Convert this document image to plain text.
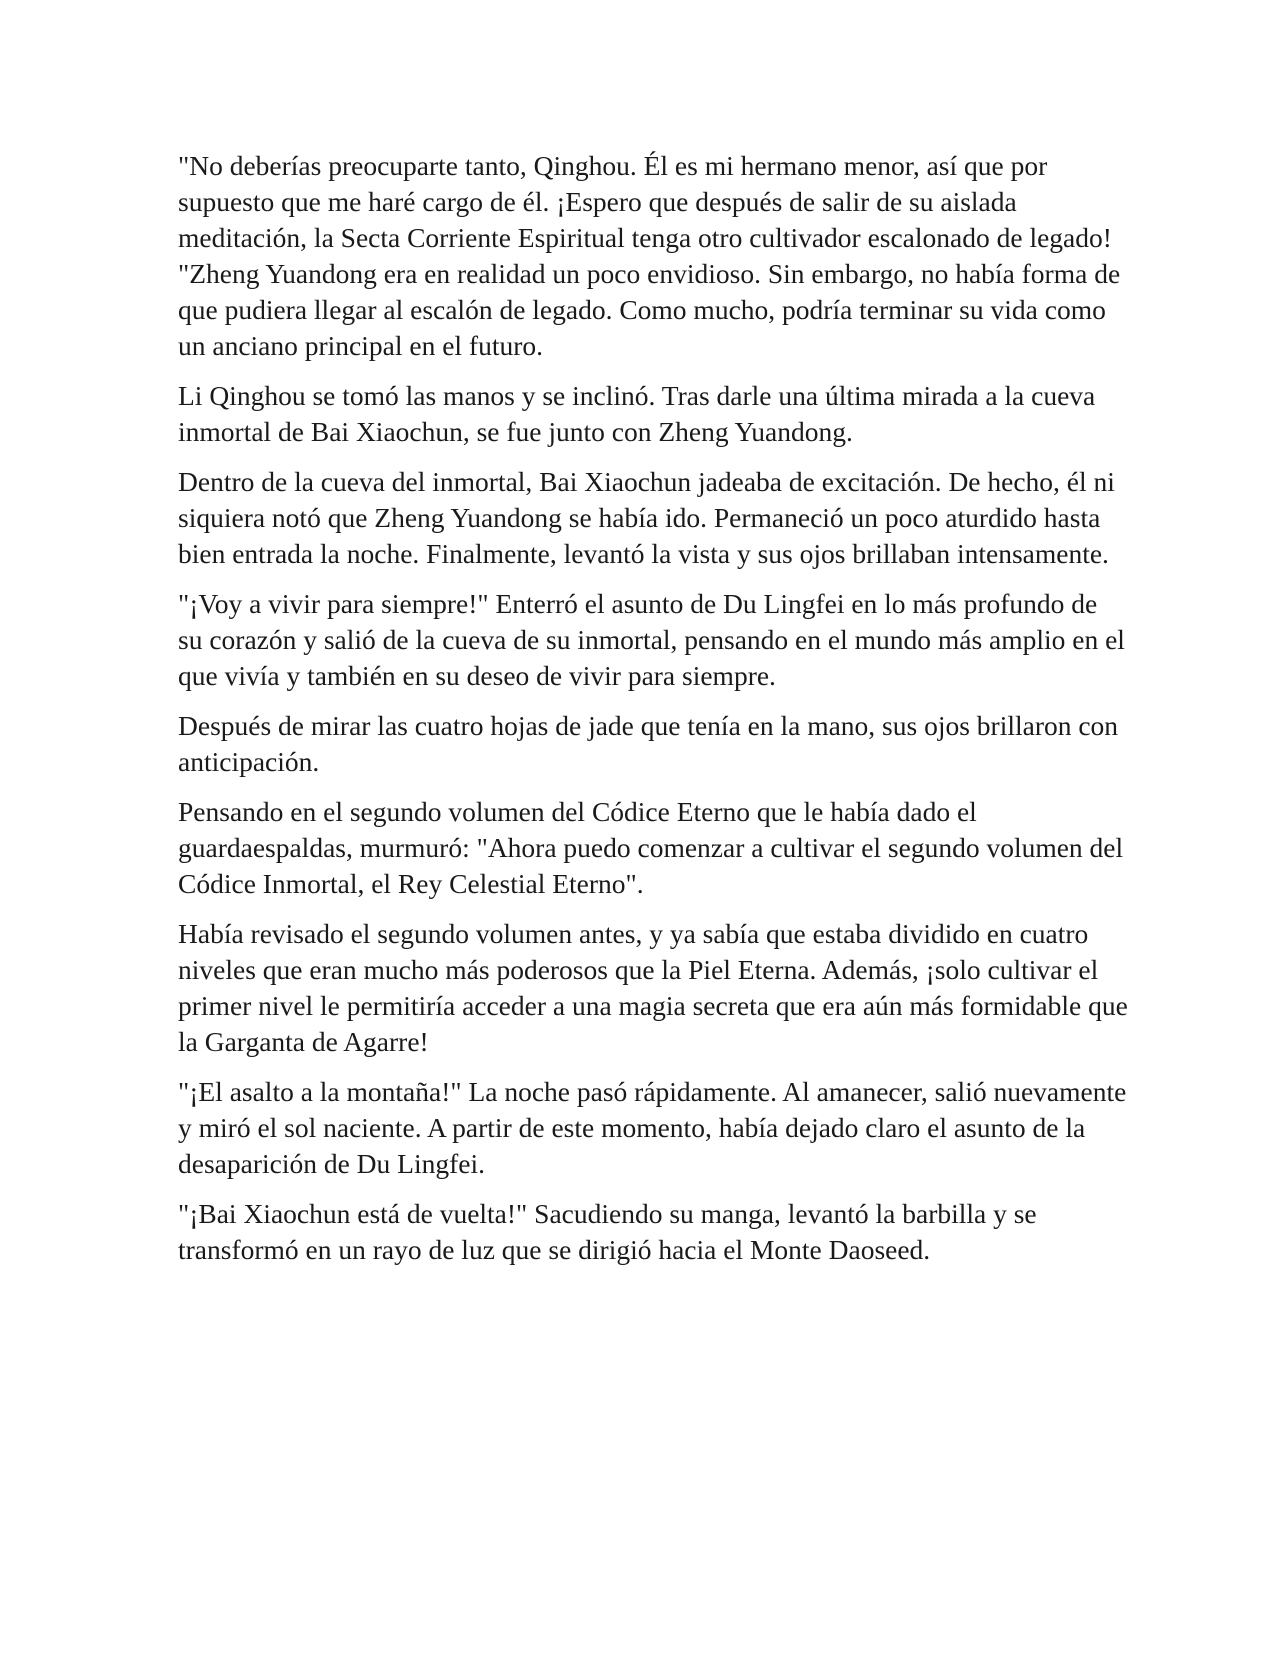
"No deberías preocuparte tanto, Qinghou. Él es mi hermano menor, así que por supuesto que me haré cargo de él. ¡Espero que después de salir de su aislada meditación, la Secta Corriente Espiritual tenga otro cultivador escalonado de legado! "Zheng Yuandong era en realidad un poco envidioso. Sin embargo, no había forma de que pudiera llegar al escalón de legado. Como mucho, podría terminar su vida como un anciano principal en el futuro.

Li Qinghou se tomó las manos y se inclinó. Tras darle una última mirada a la cueva inmortal de Bai Xiaochun, se fue junto con Zheng Yuandong.

Dentro de la cueva del inmortal, Bai Xiaochun jadeaba de excitación. De hecho, él ni siquiera notó que Zheng Yuandong se había ido. Permaneció un poco aturdido hasta bien entrada la noche. Finalmente, levantó la vista y sus ojos brillaban intensamente.

"¡Voy a vivir para siempre!" Enterró el asunto de Du Lingfei en lo más profundo de su corazón y salió de la cueva de su inmortal, pensando en el mundo más amplio en el que vivía y también en su deseo de vivir para siempre.

Después de mirar las cuatro hojas de jade que tenía en la mano, sus ojos brillaron con anticipación.

Pensando en el segundo volumen del Códice Eterno que le había dado el guardaespaldas, murmuró: "Ahora puedo comenzar a cultivar el segundo volumen del Códice Inmortal, el Rey Celestial Eterno".

Había revisado el segundo volumen antes, y ya sabía que estaba dividido en cuatro niveles que eran mucho más poderosos que la Piel Eterna. Además, ¡solo cultivar el primer nivel le permitiría acceder a una magia secreta que era aún más formidable que la Garganta de Agarre!

"¡El asalto a la montaña!" La noche pasó rápidamente. Al amanecer, salió nuevamente y miró el sol naciente. A partir de este momento, había dejado claro el asunto de la desaparición de Du Lingfei.

"¡Bai Xiaochun está de vuelta!" Sacudiendo su manga, levantó la barbilla y se transformó en un rayo de luz que se dirigió hacia el Monte Daoseed.
